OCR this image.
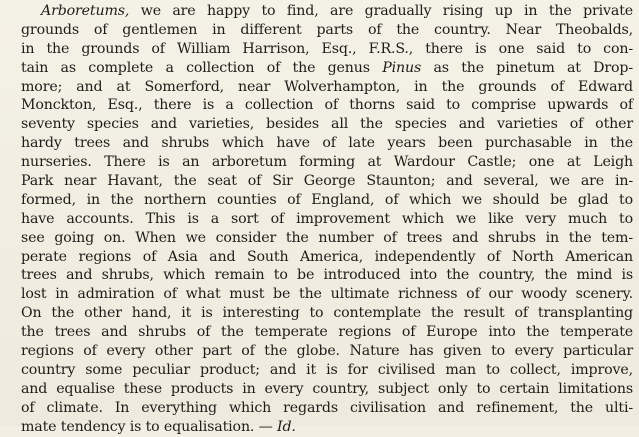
Arboretums, we are happy to find, are gradually rising up in the private
grounds of gentlemen in different parts of the country. Near Theobalds,
in the grounds of William Harrison, Esq., F.R.S., there is one said to con-
tain as complete a collection of the genus Pinus as the pinetum at Drop-
more; and at Somerford, near Wolverhampton, in the grounds of Edward
Monckton, Esq., there is a collection of thorns said to comprise upwards of
seventy species and varieties, besides all the species and varieties of other
hardy trees and shrubs which have of late years been purchasable in the
nurseries. There is an arboretum forming at Wardour Castle; one at Leigh
Park near Havant, the seat of Sir George Staunton; and several, we are in-
formed, in the northern counties of England, of which we should be glad to
have accounts. This is a sort of improvement which we like very much to
see going on. When we consider the number of trees and shrubs in the tem-
perate regions of Asia and South America, independently of North American
trees and shrubs, which remain to be introduced into the country, the mind is
lost in admiration of what must be the ultimate richness of our woody scenery.
On the other hand, it is interesting to contemplate the result of transplanting
the trees and shrubs of the temperate regions of Europe into the temperate
regions of every other part of the globe. Nature has given to every particular
country some peculiar product; and it is for civilised man to collect, improve,
and equalise these products in every country, subject only to certain limitations
of climate. In everything which regards civilisation and refinement, the ulti-
mate tendency is to equalisation. — Id.
